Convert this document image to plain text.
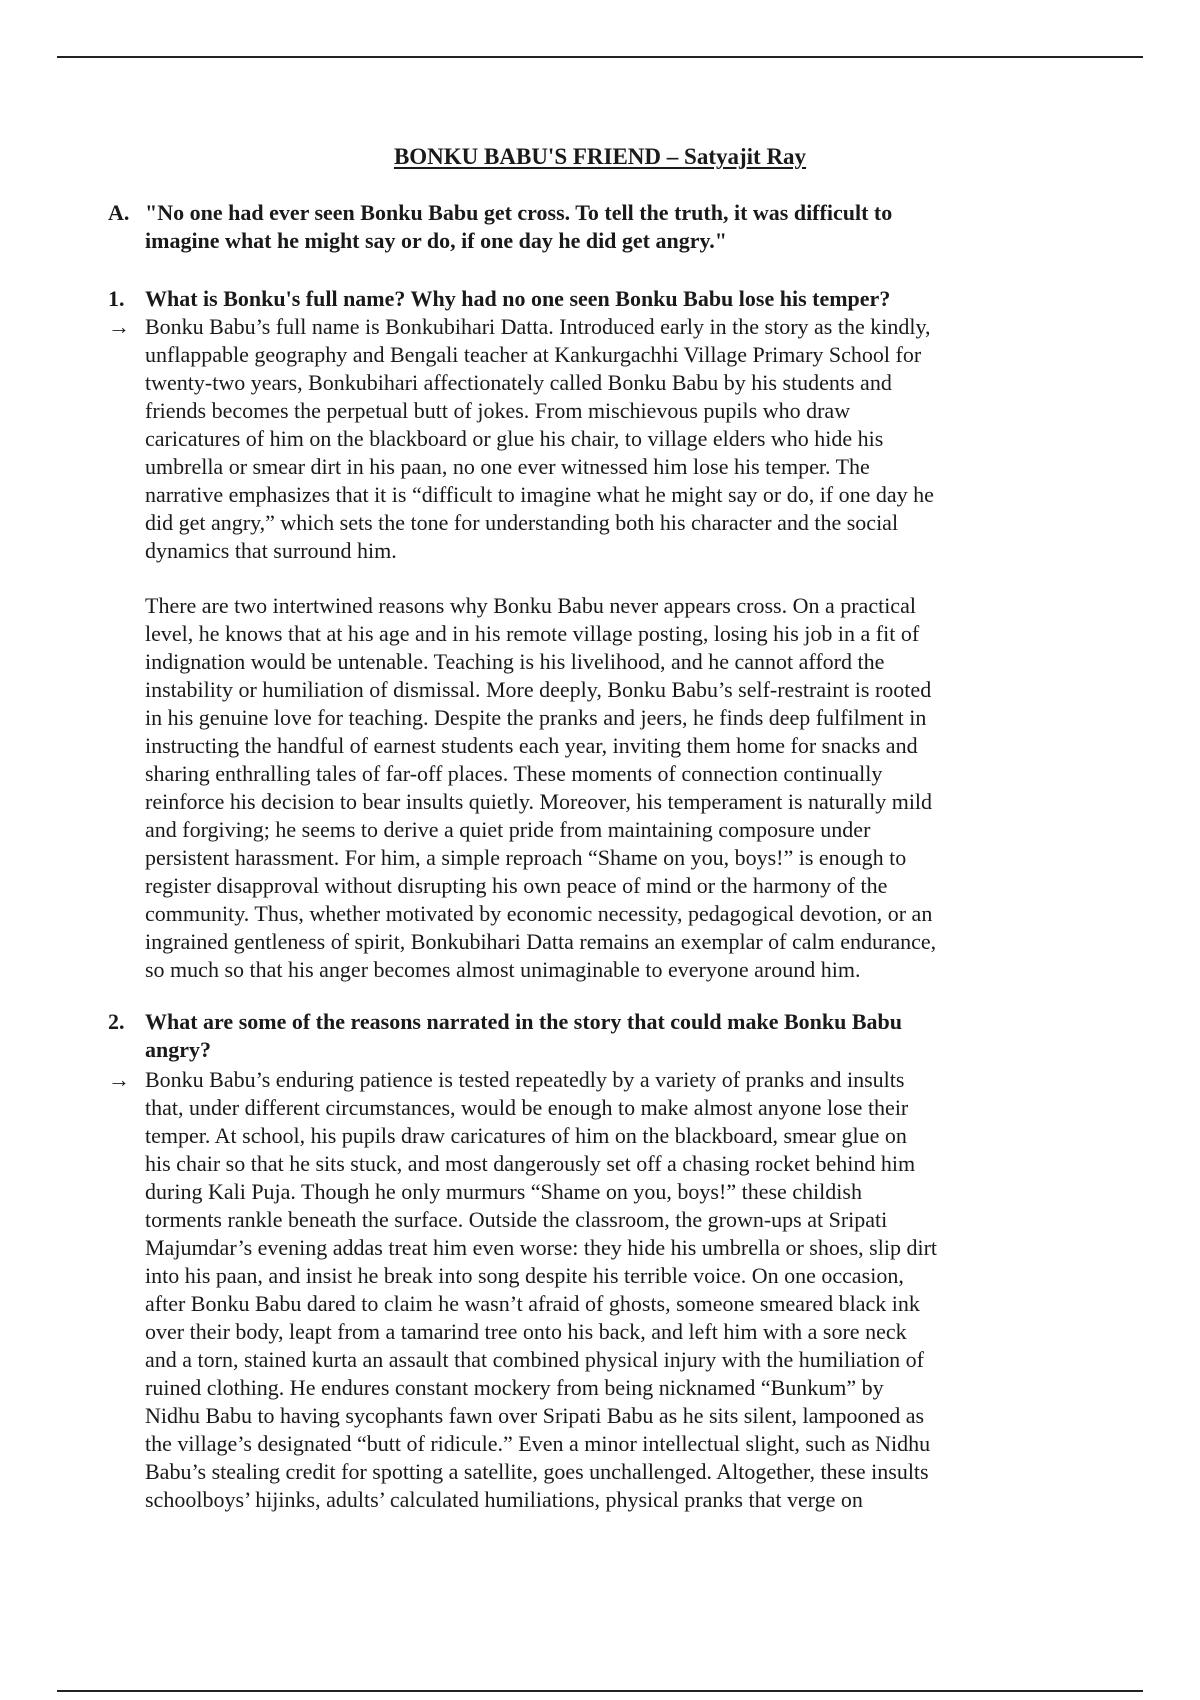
BONKU BABU'S FRIEND – Satyajit Ray
A. "No one had ever seen Bonku Babu get cross. To tell the truth, it was difficult to
imagine what he might say or do, if one day he did get angry."
1. What is Bonku's full name? Why had no one seen Bonku Babu lose his temper?
→ Bonku Babu’s full name is Bonkubihari Datta. Introduced early in the story as the kindly,
unflappable geography and Bengali teacher at Kankurgachhi Village Primary School for
twenty-two years, Bonkubihari affectionately called Bonku Babu by his students and
friends becomes the perpetual butt of jokes. From mischievous pupils who draw
caricatures of him on the blackboard or glue his chair, to village elders who hide his
umbrella or smear dirt in his paan, no one ever witnessed him lose his temper. The
narrative emphasizes that it is “difficult to imagine what he might say or do, if one day he
did get angry,” which sets the tone for understanding both his character and the social
dynamics that surround him.
There are two intertwined reasons why Bonku Babu never appears cross. On a practical
level, he knows that at his age and in his remote village posting, losing his job in a fit of
indignation would be untenable. Teaching is his livelihood, and he cannot afford the
instability or humiliation of dismissal. More deeply, Bonku Babu’s self-restraint is rooted
in his genuine love for teaching. Despite the pranks and jeers, he finds deep fulfilment in
instructing the handful of earnest students each year, inviting them home for snacks and
sharing enthralling tales of far-off places. These moments of connection continually
reinforce his decision to bear insults quietly. Moreover, his temperament is naturally mild
and forgiving; he seems to derive a quiet pride from maintaining composure under
persistent harassment. For him, a simple reproach “Shame on you, boys!” is enough to
register disapproval without disrupting his own peace of mind or the harmony of the
community. Thus, whether motivated by economic necessity, pedagogical devotion, or an
ingrained gentleness of spirit, Bonkubihari Datta remains an exemplar of calm endurance,
so much so that his anger becomes almost unimaginable to everyone around him.
2. What are some of the reasons narrated in the story that could make Bonku Babu
angry?
→ Bonku Babu’s enduring patience is tested repeatedly by a variety of pranks and insults
that, under different circumstances, would be enough to make almost anyone lose their
temper. At school, his pupils draw caricatures of him on the blackboard, smear glue on
his chair so that he sits stuck, and most dangerously set off a chasing rocket behind him
during Kali Puja. Though he only murmurs “Shame on you, boys!” these childish
torments rankle beneath the surface. Outside the classroom, the grown-ups at Sripati
Majumdar’s evening addas treat him even worse: they hide his umbrella or shoes, slip dirt
into his paan, and insist he break into song despite his terrible voice. On one occasion,
after Bonku Babu dared to claim he wasn’t afraid of ghosts, someone smeared black ink
over their body, leapt from a tamarind tree onto his back, and left him with a sore neck
and a torn, stained kurta an assault that combined physical injury with the humiliation of
ruined clothing. He endures constant mockery from being nicknamed “Bunkum” by
Nidhu Babu to having sycophants fawn over Sripati Babu as he sits silent, lampooned as
the village’s designated “butt of ridicule.” Even a minor intellectual slight, such as Nidhu
Babu’s stealing credit for spotting a satellite, goes unchallenged. Altogether, these insults
schoolboys’ hijinks, adults’ calculated humiliations, physical pranks that verge on
